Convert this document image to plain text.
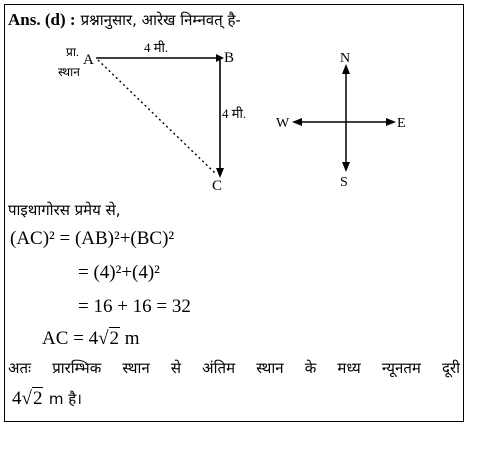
Ans. (d) : प्रश्नानुसार, आरेख निम्नवत् है-
A	B
C
4 मी.
4 मी.
प्रा.
स्थान
N
S
W	E
पाइथागोरस प्रमेय से,
(AC)² = (AB)²+(BC)²
= (4)²+(4)²
= 16 + 16 = 32
AC = 4√2 m
अतः प्रारम्भिक स्थान से अंतिम स्थान के मध्य न्यूनतम दूरी
4√2 m है।
